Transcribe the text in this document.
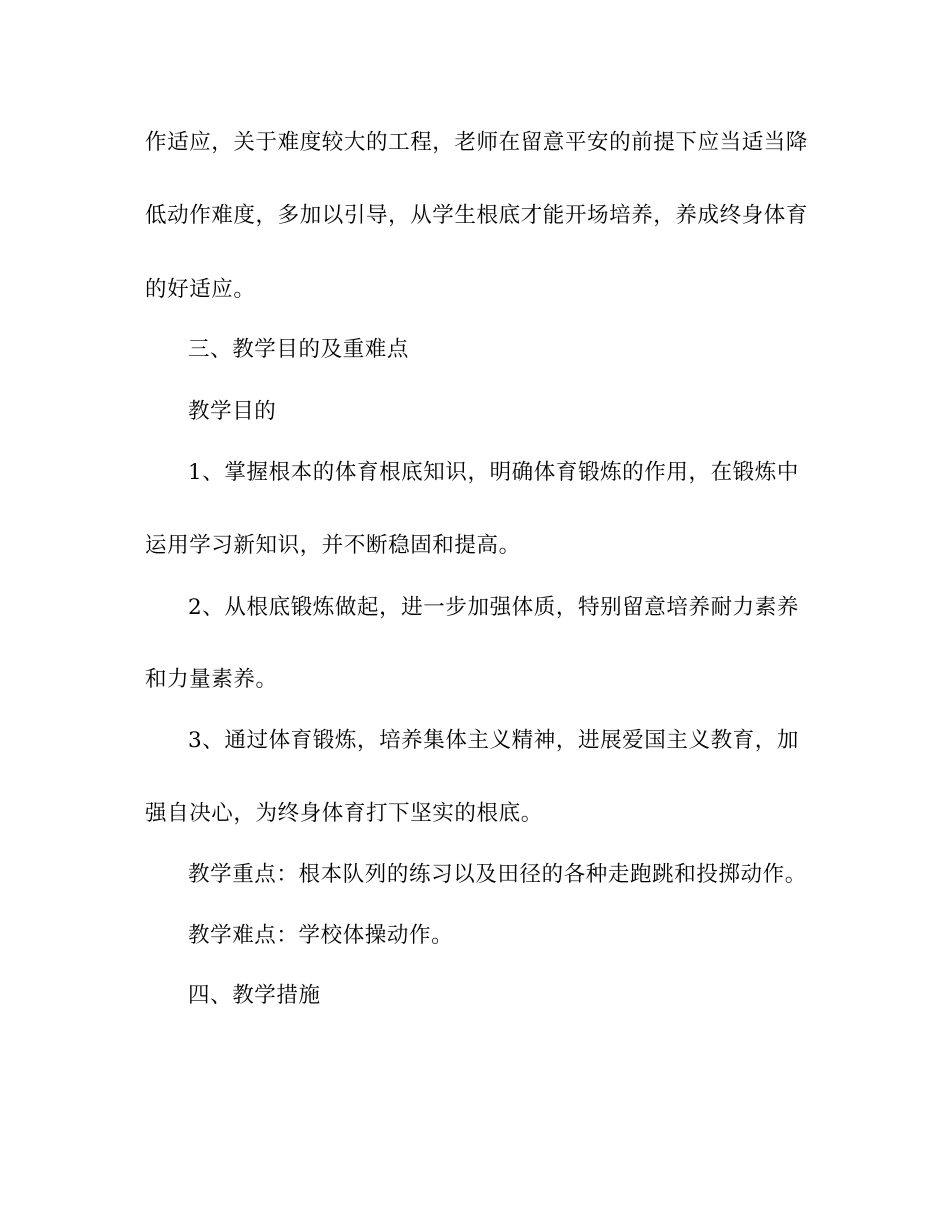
作适应，关于难度较大的工程，老师在留意平安的前提下应当适当降
低动作难度，多加以引导，从学生根底才能开场培养，养成终身体育
的好适应。
三、教学目的及重难点
教学目的
1、掌握根本的体育根底知识，明确体育锻炼的作用，在锻炼中
运用学习新知识，并不断稳固和提高。
2、从根底锻炼做起，进一步加强体质，特别留意培养耐力素养
和力量素养。
3、通过体育锻炼，培养集体主义精神，进展爱国主义教育，加
强自决心，为终身体育打下坚实的根底。
教学重点：根本队列的练习以及田径的各种走跑跳和投掷动作。
教学难点：学校体操动作。
四、教学措施
